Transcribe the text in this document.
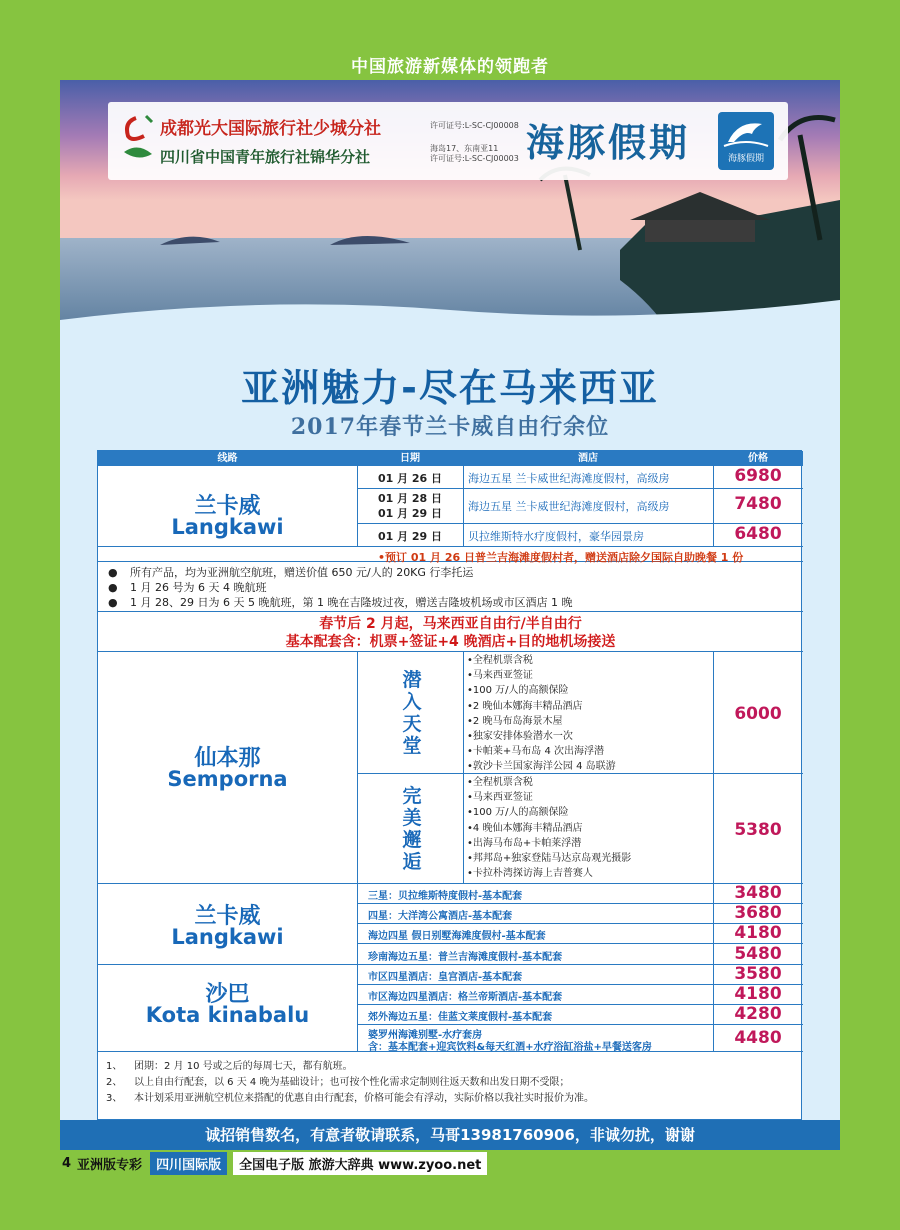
中国旅游新媒体的领跑者
成都光大国际旅行社少城分社	许可证号:L-SC-CJ00008
四川省中国青年旅行社锦华分社	海岛17、东南亚11
许可证号:L-SC-CJ00003 海豚假期	海豚假期
亚洲魅力-尽在马来西亚
2017年春节兰卡威自由行余位
线路	日期	酒店	价格
兰卡威
Langkawi
01 月 26 日	海边五星 兰卡威世纪海滩度假村，高级房	6980
01 月 28 日
01 月 29 日
海边五星 兰卡威世纪海滩度假村，高级房	7480
01 月 29 日	贝拉维斯特水疗度假村，豪华园景房	6480
•预订 01 月 26 日普兰吉海滩度假村者，赠送酒店除夕国际自助晚餐 1 份
● 所有产品，均为亚洲航空航班，赠送价值 650 元/人的 20KG 行李托运
● 1 月 26 号为 6 天 4 晚航班
● 1 月 28、29 日为 6 天 5 晚航班，第 1 晚在吉隆坡过夜，赠送吉隆坡机场或市区酒店 1 晚
春节后 2 月起，马来西亚自由行/半自由行
基本配套含：机票+签证+4 晚酒店+目的地机场接送
仙本那
Semporna
潜入天堂
•全程机票含税
•马来西亚签证
•100 万/人的高额保险
•2 晚仙本娜海丰精品酒店
•2 晚马布岛海景木屋
•独家安排体验潜水一次
•卡帕莱+马布岛 4 次出海浮潜
•敦沙卡兰国家海洋公园 4 岛联游
6000
完美邂逅
•全程机票含税
•马来西亚签证
•100 万/人的高额保险
•4 晚仙本娜海丰精品酒店
•出海马布岛+卡帕莱浮潜
•邦邦岛+独家登陆马达京岛观光摄影
•卡拉朴湾探访海上吉普赛人
5380
兰卡威
Langkawi
三星：贝拉维斯特度假村-基本配套	3480
四星：大洋湾公寓酒店-基本配套	3680
海边四星 假日别墅海滩度假村-基本配套	4180
珍南海边五星：普兰吉海滩度假村-基本配套	5480
沙巴
Kota kinabalu
市区四星酒店：皇宫酒店-基本配套	3580
市区海边四星酒店：格兰帝斯酒店-基本配套	4180
郊外海边五星：佳蓝文莱度假村-基本配套	4280
婆罗州海滩别墅-水疗套房
含：基本配套+迎宾饮料&每天红酒+水疗浴缸浴盐+早餐送客房	4480
1、 团期：2 月 10 号或之后的每周七天，都有航班。
2、 以上自由行配套，以 6 天 4 晚为基础设计；也可按个性化需求定制则往返天数和出发日期不受限；
3、 本计划采用亚洲航空机位来搭配的优惠自由行配套，价格可能会有浮动，实际价格以我社实时报价为准。
诚招销售数名，有意者敬请联系，马哥13981760906，非诚勿扰，谢谢
4 亚洲版专彩	四川国际版	全国电子版 旅游大辞典 www.zyoo.net
